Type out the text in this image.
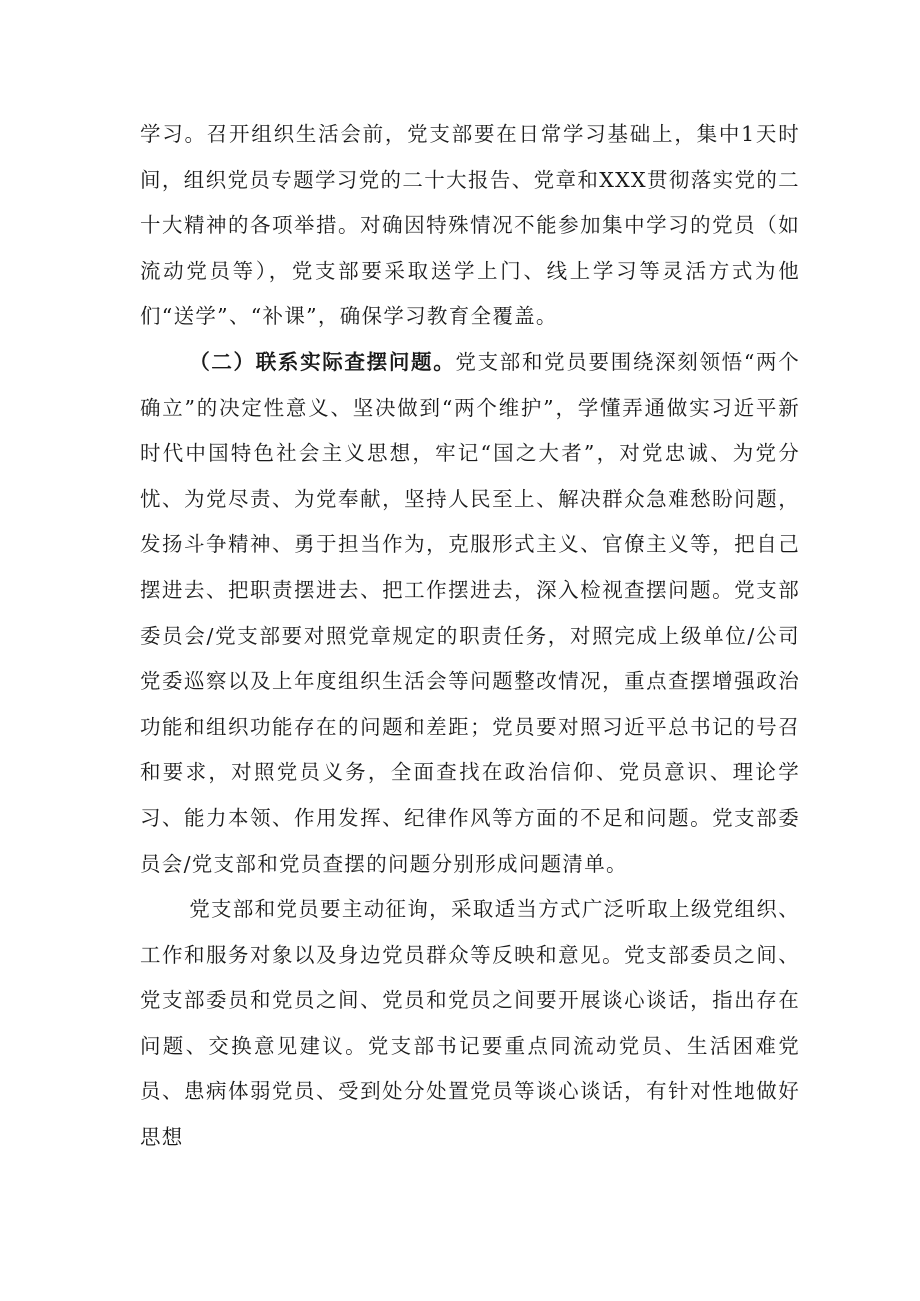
学习。召开组织生活会前，党支部要在日常学习基础上，集中1天时间，组织党员专题学习党的二十大报告、党章和XXX贯彻落实党的二十大精神的各项举措。对确因特殊情况不能参加集中学习的党员（如流动党员等），党支部要采取送学上门、线上学习等灵活方式为他们“送学”、“补课”，确保学习教育全覆盖。

（二）联系实际查摆问题。党支部和党员要围绕深刻领悟“两个确立”的决定性意义、坚决做到“两个维护”，学懂弄通做实习近平新时代中国特色社会主义思想，牢记“国之大者”，对党忠诚、为党分忧、为党尽责、为党奉献，坚持人民至上、解决群众急难愁盼问题，发扬斗争精神、勇于担当作为，克服形式主义、官僚主义等，把自己摆进去、把职责摆进去、把工作摆进去，深入检视查摆问题。党支部委员会/党支部要对照党章规定的职责任务，对照完成上级单位/公司党委巡察以及上年度组织生活会等问题整改情况，重点查摆增强政治功能和组织功能存在的问题和差距；党员要对照习近平总书记的号召和要求，对照党员义务，全面查找在政治信仰、党员意识、理论学习、能力本领、作用发挥、纪律作风等方面的不足和问题。党支部委员会/党支部和党员查摆的问题分别形成问题清单。

党支部和党员要主动征询，采取适当方式广泛听取上级党组织、工作和服务对象以及身边党员群众等反映和意见。党支部委员之间、党支部委员和党员之间、党员和党员之间要开展谈心谈话，指出存在问题、交换意见建议。党支部书记要重点同流动党员、生活困难党员、患病体弱党员、受到处分处置党员等谈心谈话，有针对性地做好思想
